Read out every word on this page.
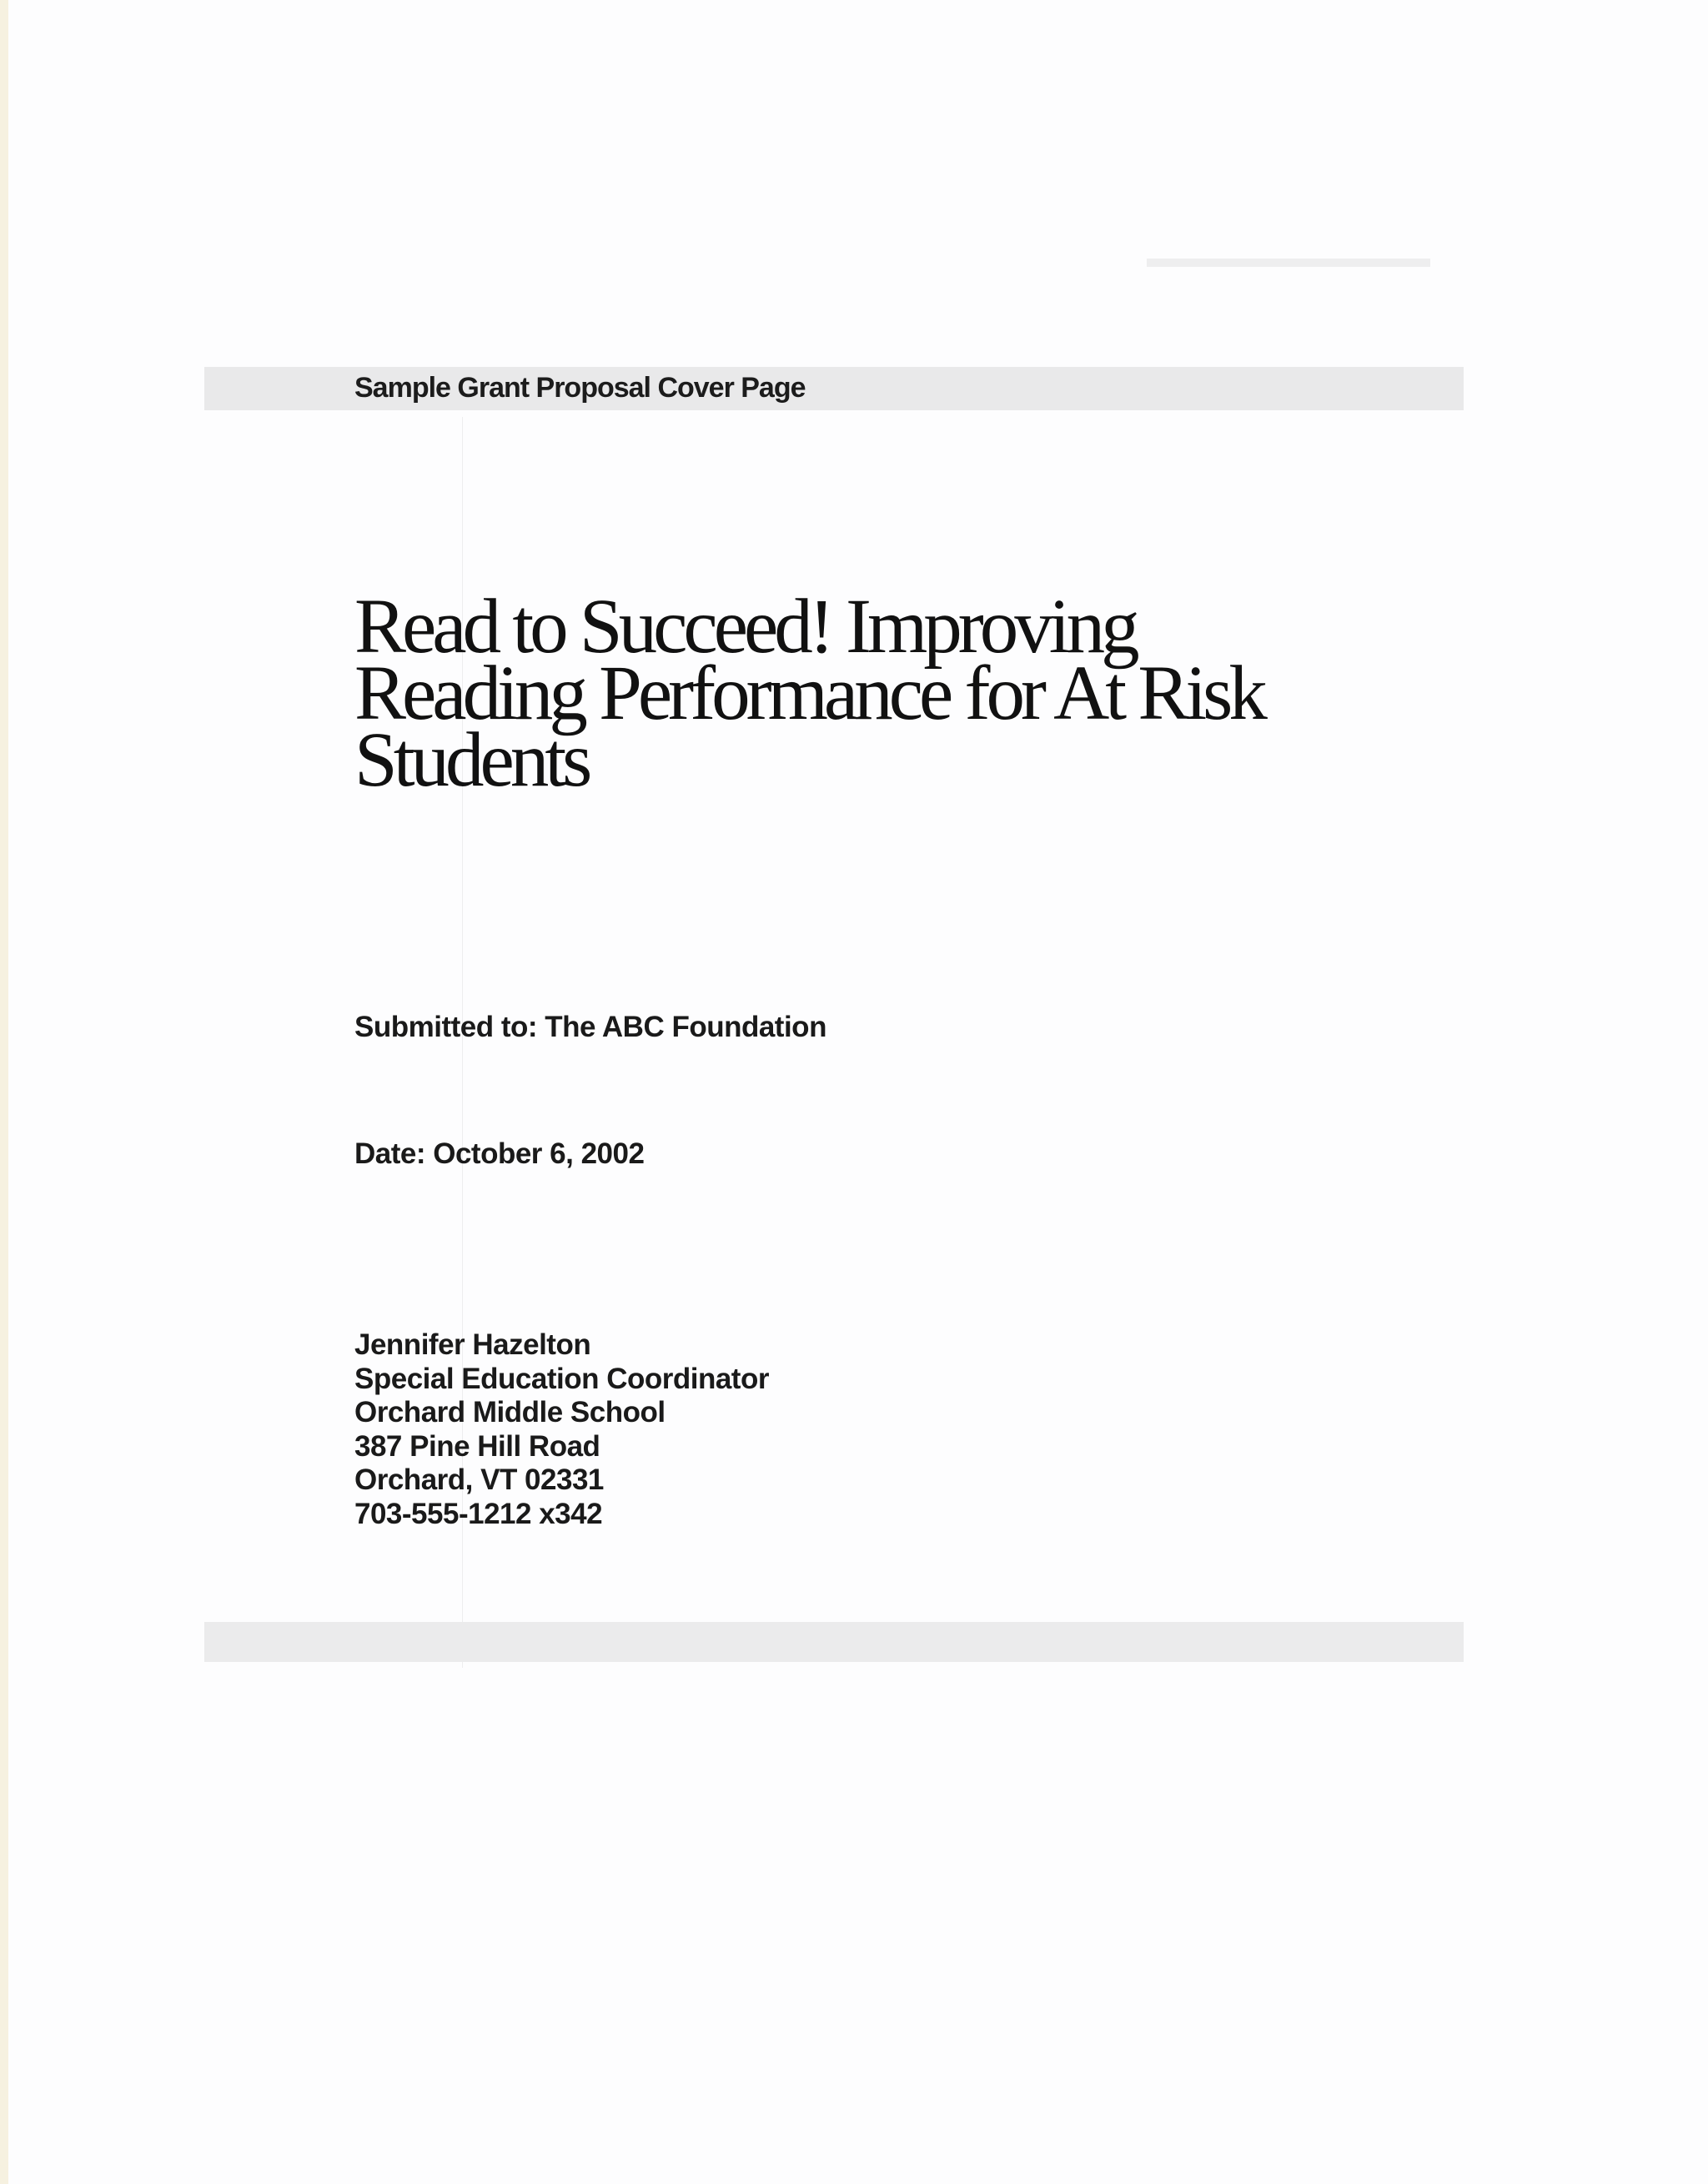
Sample Grant Proposal Cover Page
Read to Succeed! Improving
Reading Performance for At Risk
Students
Submitted to: The ABC Foundation
Date: October 6, 2002
Jennifer Hazelton
Special Education Coordinator
Orchard Middle School
387 Pine Hill Road
Orchard, VT 02331
703-555-1212 x342
